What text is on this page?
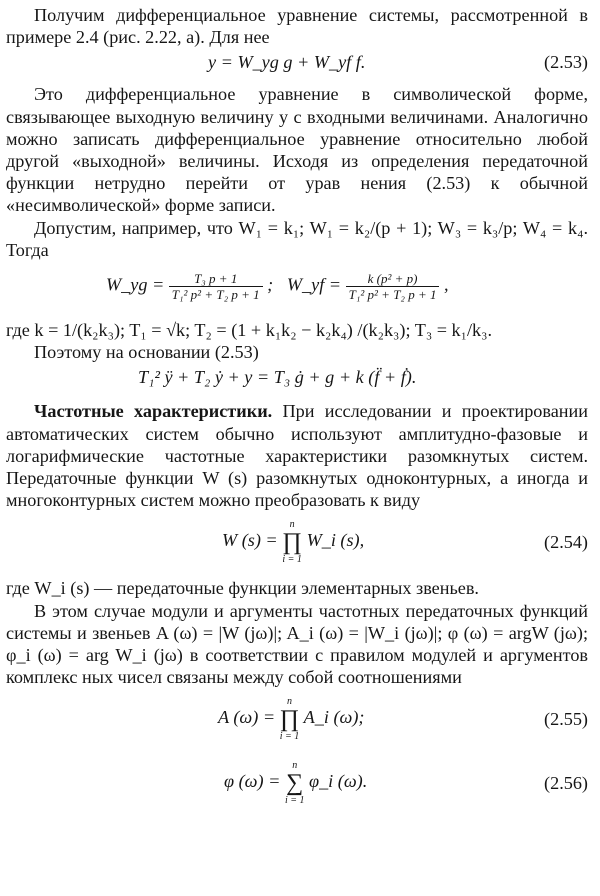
Получим дифференциальное уравнение системы, рассмотренной в примере 2.4 (рис. 2.22, а). Для нее

y = W_yg g + W_yf f.	(2.53)

Это дифференциальное уравнение в символической форме, связывающее выходную величину y с входными величинами. Аналогично можно записать дифференциальное уравнение относительно любой другой «выходной» величины. Исходя из определения передаточной функции нетрудно перейти от урав нения (2.53) к обычной «несимволической» форме записи.

Допустим, например, что W₁ = k₁; W₁ = k₂/(p + 1); W₃ = k₃/p; W₄ = k₄. Тогда

W_yg = $\frac{\text{T₃ p + 1}}{\text{T₁² p² + T₂ p + 1}}$ ; W_yf = $\frac{\text{k (p² + p)}}{\text{T₁² p² + T₂ p + 1}}$ ,

где k = 1/(k₂k₃); T₁ = √k; T₂ = (1 + k₁k₂ − k₂k₄) /(k₂k₃); T₃ = k₁/k₃.

Поэтому на основании (2.53)

T₁² ÿ + T₂ ẏ + y = T₃ ġ + g + k (f̈ + ḟ).

Частотные характеристики. При исследовании и проектировании автоматических систем обычно используют амплитудно-фазовые и логарифмические частотные характеристики разомкнутых систем. Передаточные функции W (s) разомкнутых одноконтурных, а иногда и многоконтурных систем можно преобразовать к виду

W (s) =
n
∏
i = 1
W_i (s),	(2.54)

где W_i (s) — передаточные функции элементарных звеньев.

В этом случае модули и аргументы частотных передаточных функций системы и звеньев A (ω) = |W (jω)|; A_i (ω) = |W_i (jω)|; φ (ω) = argW (jω); φ_i (ω) = arg W_i (jω) в соответствии с правилом модулей и аргументов комплекс ных чисел связаны между собой соотношениями

A (ω) =
n
∏
i = 1
A_i (ω);	(2.55)
φ (ω) =
n
∑
i = 1
φ_i (ω).	(2.56)
